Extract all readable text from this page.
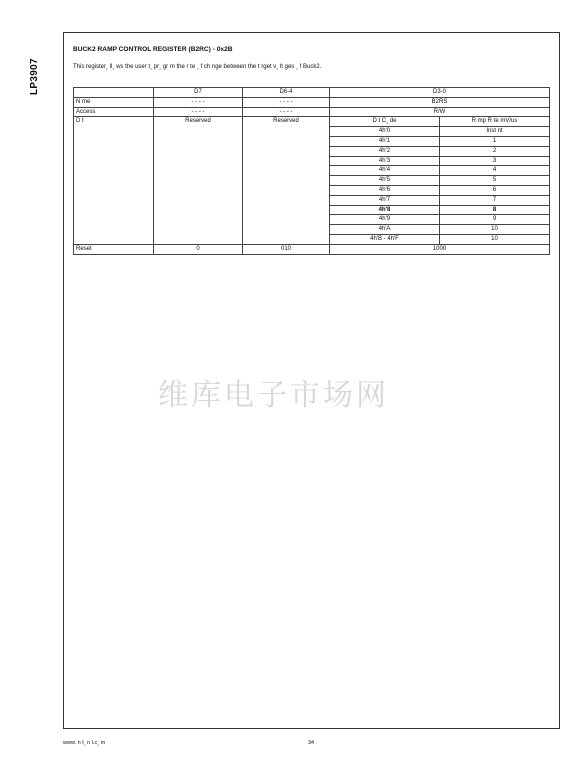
LP3907
BUCK2 RAMP CONTROL REGISTER (B2RC) - 0x2B
This register‸ ll‸ ws the user t‸ pr‸ gr m the r te ‸ f ch nge between the t rget v‸ lt ges ‸ f Buck2.
	D7	D6-4	D3-0	
N me	- - - -	- - - -	B2RS	
Access	- - - -	- - - -	R/W	
D t	Reserved	Reserved	D t C‸ de	R mp R te mV/us
			4h'0	Inst nt
			4h'1	1
			4h'2	2
			4h'3	3
			4h'4	4
			4h'5	5
			4h'6	6
			4h'7	7
			4h'8	8
			4h'9	9
			4h'A	10
			4h'B - 4h'F	10
Reset	0	010	1000	
维库电子市场网
www. n t‸ n l.c‸ m	34
